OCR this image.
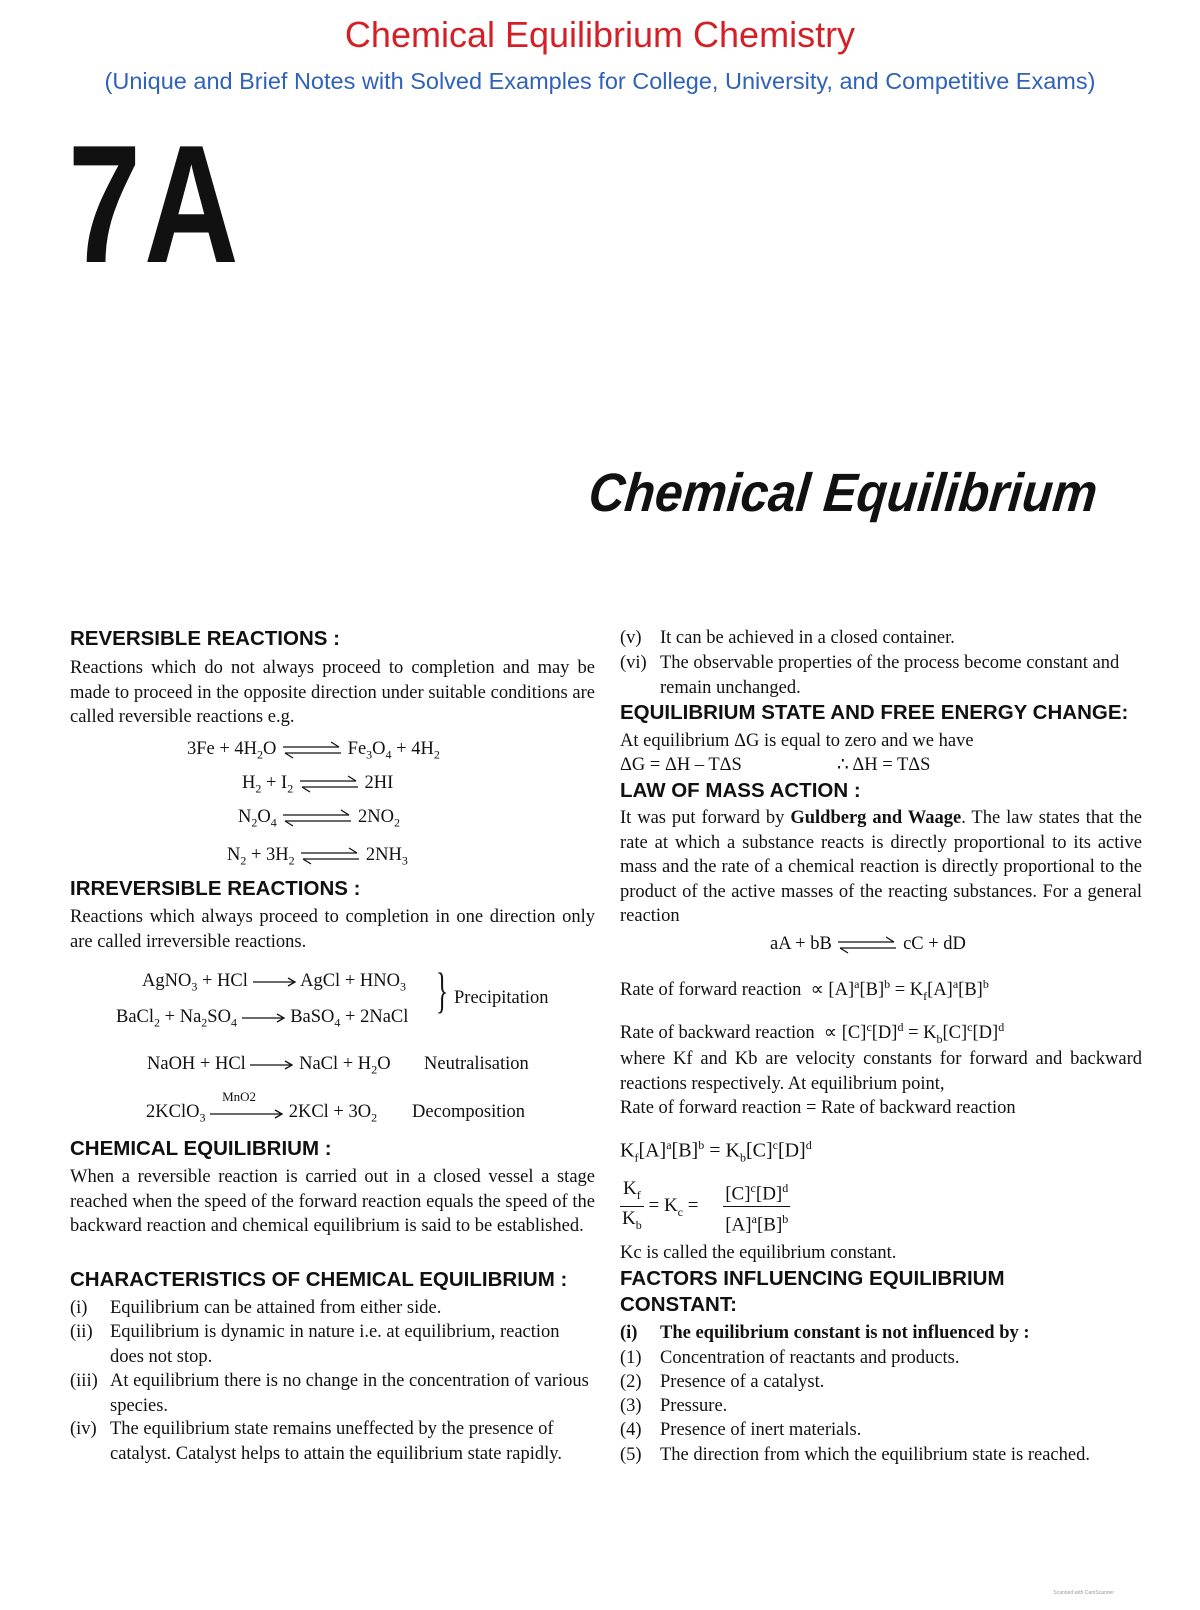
Chemical Equilibrium Chemistry
(Unique and Brief Notes with Solved Examples for College, University, and Competitive Exams)
7A
Chemical Equilibrium
REVERSIBLE REACTIONS :
Reactions which do not always proceed to completion and may be made to proceed in the opposite direction under suitable conditions are called reversible reactions e.g.
$3Fe + 4H_2O$ ⇌ $Fe_3O_4 + 4H_2$
$H_2 + I_2$ ⇌ 2HI
$N_2O_4$ ⇌ $2NO_2$
$N_2 + 3H_2$ ⇌ $2NH_3$
IRREVERSIBLE REACTIONS :
Reactions which always proceed to completion in one direction only are called irreversible reactions.
AgNO$_3$ + HCl  AgCl + $HNO_3$
BaCl$_2$ + $Na_2SO_4$	BaSO$_4$ + 2NaCl } Precipitation
NaOH + HCl  NaCl + $H_2O$ Neutralisation
2KClO$_3$
MnO2
$2KCl + 3O_2$ Decomposition
CHEMICAL EQUILIBRIUM :
When a reversible reaction is carried out in a closed vessel a stage reached when the speed of the forward reaction equals the speed of the backward reaction and chemical equilibrium is said to be established.
CHARACTERISTICS OF CHEMICAL EQUILIBRIUM :
(i) Equilibrium can be attained from either side.
(ii) Equilibrium is dynamic in nature i.e. at equilibrium, reaction does not stop.
(iii) At equilibrium there is no change in the concentration of various species.
(iv) The equilibrium state remains uneffected by the presence of catalyst. Catalyst helps to attain the equilibrium state rapidly.
(v) It can be achieved in a closed container.
(vi) The observable properties of the process become constant and remain unchanged.
EQUILIBRIUM STATE AND FREE ENERGY CHANGE:
At equilibrium ΔG is equal to zero and we have
ΔG = ΔH – TΔS	∴ ΔH = TΔS
LAW OF MASS ACTION :
It was put forward by Guldberg and Waage. The law states that the rate at which a substance reacts is directly proportional to its active mass and the rate of a chemical reaction is directly proportional to the product of the active masses of the reacting substances. For a general reaction
aA + bB ⇌ cC + dD
Rate of forward reaction  ∝ $[A]^a[B]^b = K_f[A]^a[B]^b$
Rate of backward reaction  ∝ $[C]^c[D]^d = K_b[C]^c[D]^d$
where Kf and Kb are velocity constants for forward and backward reactions respectively. At equilibrium point,
Rate of forward reaction = Rate of backward reaction
$K_f[A]^a[B]^b = K_b[C]^c[D]^d$
$\frac{K_f}{K_b} = K_c = \frac{[C]^c[D]^d}{[A]^a[B]^b}$
Kc is called the equilibrium constant.
FACTORS INFLUENCING EQUILIBRIUM
CONSTANT:
(i) The equilibrium constant is not influenced by :
(1) Concentration of reactants and products.
(2) Presence of a catalyst.
(3) Pressure.
(4) Presence of inert materials.
(5) The direction from which the equilibrium state is reached.
Scanned with CamScanner
